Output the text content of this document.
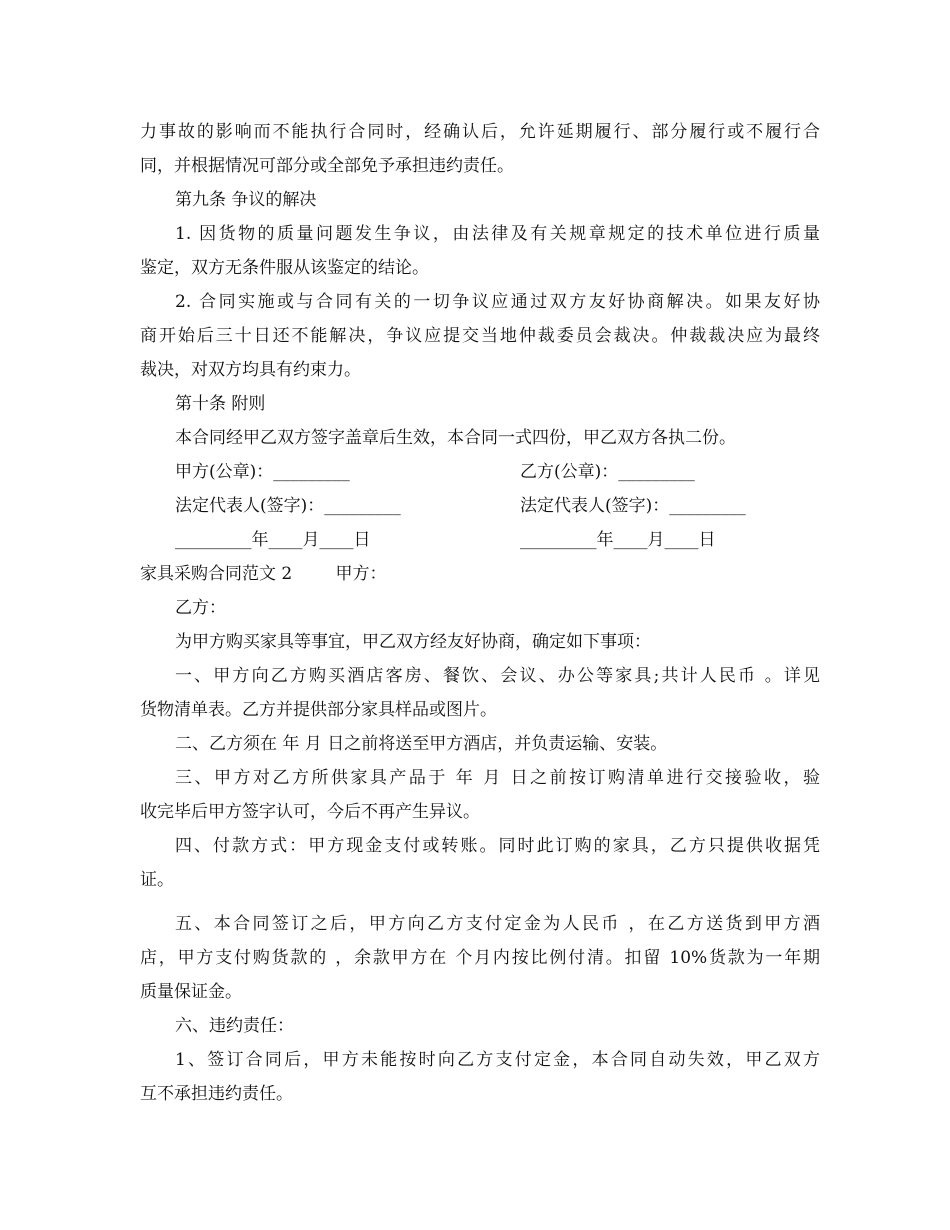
力事故的影响而不能执行合同时，经确认后，允许延期履行、部分履行或不履行合
同，并根据情况可部分或全部免予承担违约责任。
第九条 争议的解决
1. 因货物的质量问题发生争议，由法律及有关规章规定的技术单位进行质量
鉴定，双方无条件服从该鉴定的结论。
2. 合同实施或与合同有关的一切争议应通过双方友好协商解决。如果友好协
商开始后三十日还不能解决，争议应提交当地仲裁委员会裁决。仲裁裁决应为最终
裁决，对双方均具有约束力。
第十条 附则
本合同经甲乙双方签字盖章后生效，本合同一式四份，甲乙双方各执二份。
甲方(公章)：_________	乙方(公章)：_________
法定代表人(签字)：_________	法定代表人(签字)：_________
_________年____月____日	_________年____月____日
家具采购合同范文 2        甲方：
乙方：
为甲方购买家具等事宜，甲乙双方经友好协商，确定如下事项：
一、甲方向乙方购买酒店客房、餐饮、会议、办公等家具;共计人民币 。详见
货物清单表。乙方并提供部分家具样品或图片。
二、乙方须在 年 月 日之前将送至甲方酒店，并负责运输、安装。
三、甲方对乙方所供家具产品于 年 月 日之前按订购清单进行交接验收，验
收完毕后甲方签字认可，今后不再产生异议。
四、付款方式：甲方现金支付或转账。同时此订购的家具，乙方只提供收据凭
证。
五、本合同签订之后，甲方向乙方支付定金为人民币 ，在乙方送货到甲方酒
店，甲方支付购货款的 ，余款甲方在 个月内按比例付清。扣留 10%货款为一年期
质量保证金。
六、违约责任：
1、签订合同后，甲方未能按时向乙方支付定金，本合同自动失效，甲乙双方
互不承担违约责任。
